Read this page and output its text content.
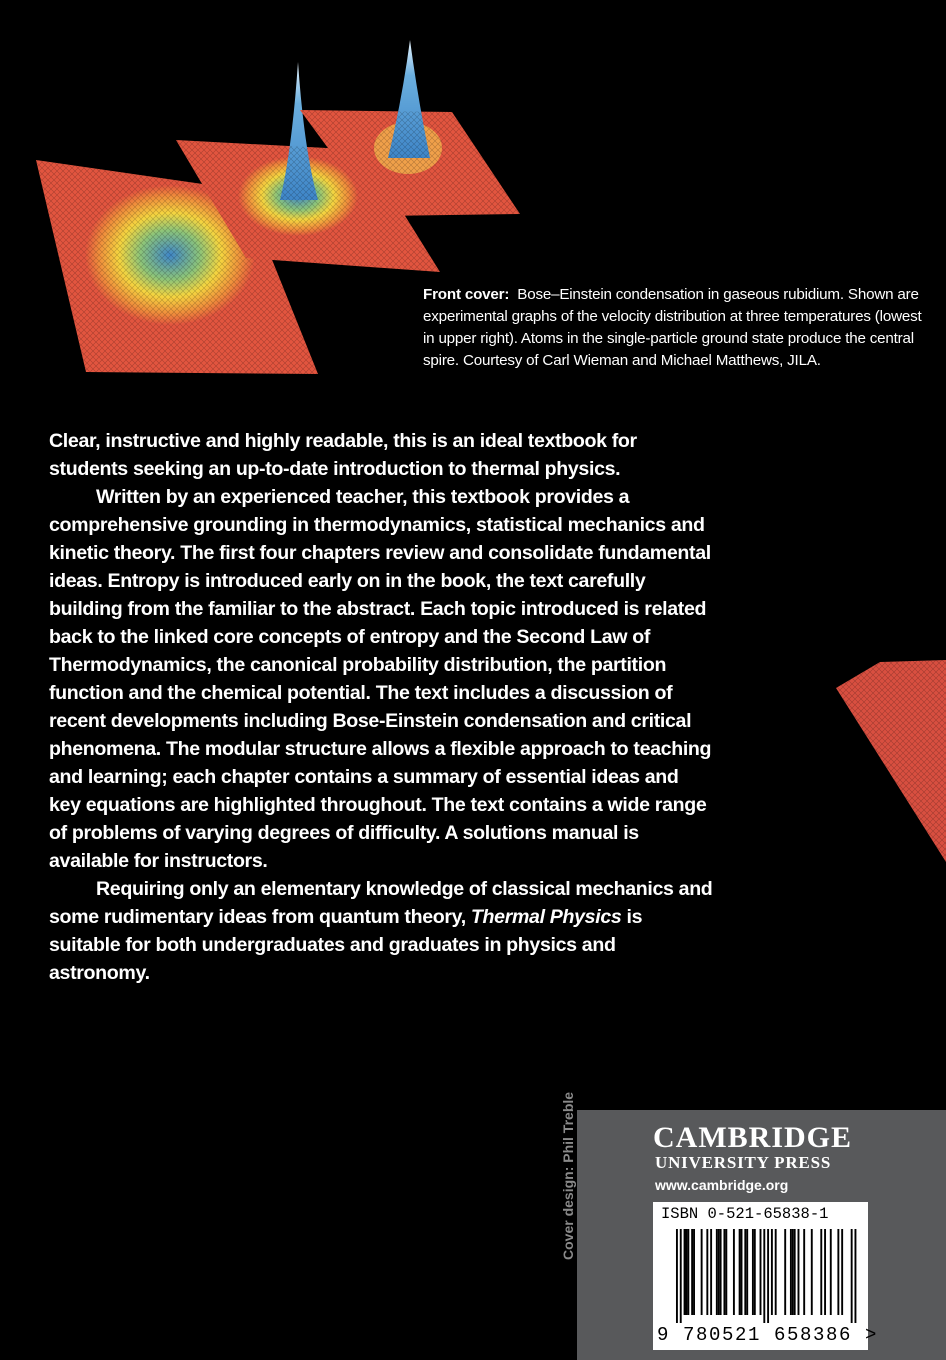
Front cover: Bose–Einstein condensation in gaseous rubidium. Shown are experimental graphs of the velocity distribution at three temperatures (lowest in upper right). Atoms in the single-particle ground state produce the central spire. Courtesy of Carl Wieman and Michael Matthews, JILA.

Clear, instructive and highly readable, this is an ideal textbook for students seeking an up-to-date introduction to thermal physics.

Written by an experienced teacher, this textbook provides a comprehensive grounding in thermodynamics, statistical mechanics and kinetic theory. The first four chapters review and consolidate fundamental ideas. Entropy is introduced early on in the book, the text carefully building from the familiar to the abstract. Each topic introduced is related back to the linked core concepts of entropy and the Second Law of Thermodynamics, the canonical probability distribution, the partition function and the chemical potential. The text includes a discussion of recent developments including Bose-Einstein condensation and critical phenomena. The modular structure allows a flexible approach to teaching and learning; each chapter contains a summary of essential ideas and key equations are highlighted throughout. The text contains a wide range of problems of varying degrees of difficulty. A solutions manual is available for instructors.

Requiring only an elementary knowledge of classical mechanics and some rudimentary ideas from quantum theory, Thermal Physics is suitable for both undergraduates and graduates in physics and astronomy.

Cover design: Phil Treble	CAMBRIDGE
UNIVERSITY PRESS
www.cambridge.org
ISBN 0-521-65838-1
9 780521 658386 >
